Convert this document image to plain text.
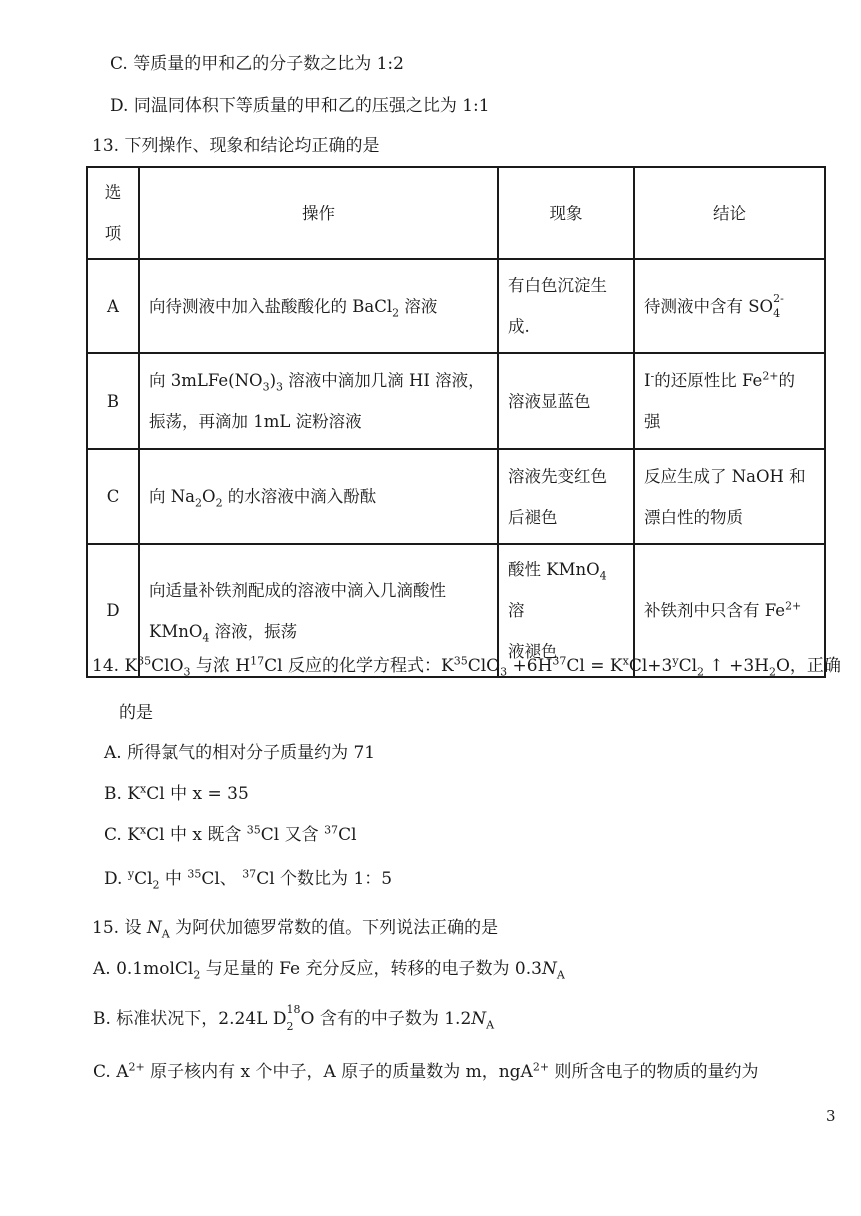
C. 等质量的甲和乙的分子数之比为 1:2
D. 同温同体积下等质量的甲和乙的压强之比为 1:1
13. 下列操作、现象和结论均正确的是
选
项	操作	现象	结论
A	向待测液中加入盐酸酸化的 BaCl$_2$ 溶液	有白色沉淀生
成.	待测液中含有 SO 2-
4

B	向 $3mLFe(NO_3)_3$ 溶液中滴加几滴 HI 溶液，
振荡，再滴加 1mL 淀粉溶液	溶液显蓝色	I-的还原性比 $Fe^{2+}$的
强
C	向 $Na_2O_2$ 的水溶液中滴入酚酞	溶液先变红色
后褪色	反应生成了 NaOH 和
漂白性的物质
D	向适量补铁剂配成的溶液中滴入几滴酸性
KMnO$_4$ 溶液，振荡	酸性 KMnO$_4$ 溶
液褪色	补铁剂中只含有 $Fe^{2+}$
14. $K^{35}ClO_3$ 与浓 $H^{17}Cl$ 反应的化学方程式：$K^{35}ClO_3 +6H^{37}Cl = K^xCl+3^yCl_2$ ↑ $+3H_2O$，正确
的是
A. 所得氯气的相对分子质量约为 71
B. $K^xCl$ 中 x = 35
C. $K^xCl$ 中 x 既含 $^{35}$Cl 又含 $^{37}$Cl
D. $^yCl_2$ 中 $^{35}$Cl、 $^{37}$Cl 个数比为 1：5
15. 设 $N_A$ 为阿伏加德罗常数的值。下列说法正确的是
A. 0.1molCl$_2$ 与足量的 Fe 充分反应，转移的电子数为 $0.3N_A$
B. 标准状况下，2.24L D 18
2 O 含有的中子数为 $1.2N_A$
C. $A^{2+}$ 原子核内有 x 个中子，A 原子的质量数为 m，ngA$^{2+}$ 则所含电子的物质的量约为
3
